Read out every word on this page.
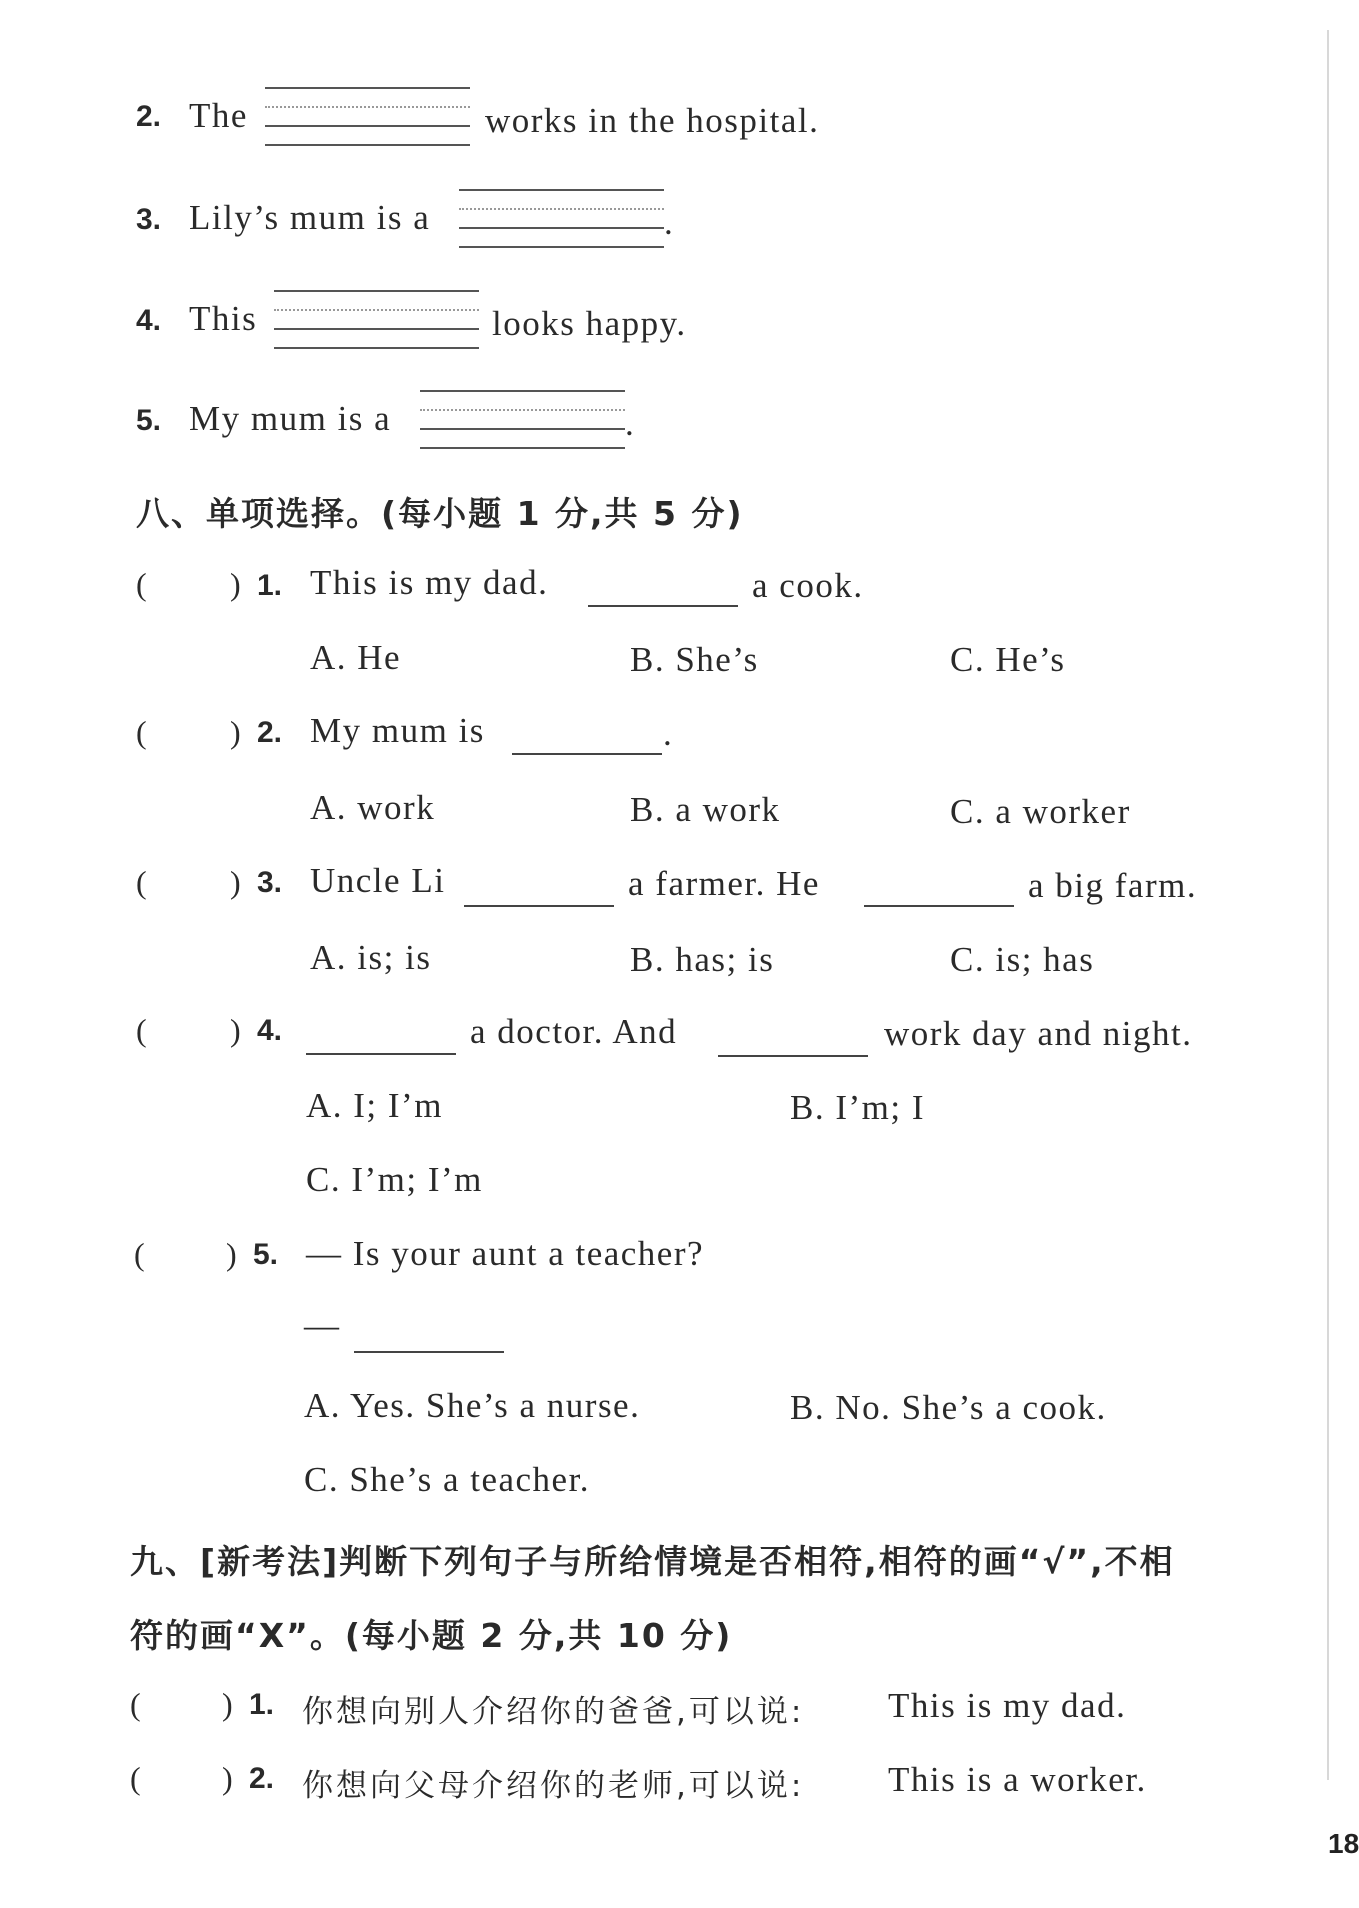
2. The	works in the hospital.
3. Lily’s mum is a	.
4. This	looks happy.
5. My mum is a	.
八、单项选择。(每小题 1 分,共 5 分)
(	) 1. This is my dad.	a cook.
A. He	B. She’s	C. He’s
(	) 2. My mum is	.
A. work	B. a work	C. a worker
(	) 3. Uncle Li	a farmer. He	a big farm.
A. is; is	B. has; is	C. is; has
(	) 4.	a doctor. And	work day and night.
A. I; I’m	B. I’m; I
C. I’m; I’m
(	) 5. — Is your aunt a teacher?
—
A. Yes. She’s a nurse.	B. No. She’s a cook.
C. She’s a teacher.
九、[新考法]判断下列句子与所给情境是否相符,相符的画“√”,不相
符的画“X”。(每小题 2 分,共 10 分)
(	) 1. 你想向别人介绍你的爸爸,可以说: This is my dad.
(	) 2. 你想向父母介绍你的老师,可以说: This is a worker.
18
